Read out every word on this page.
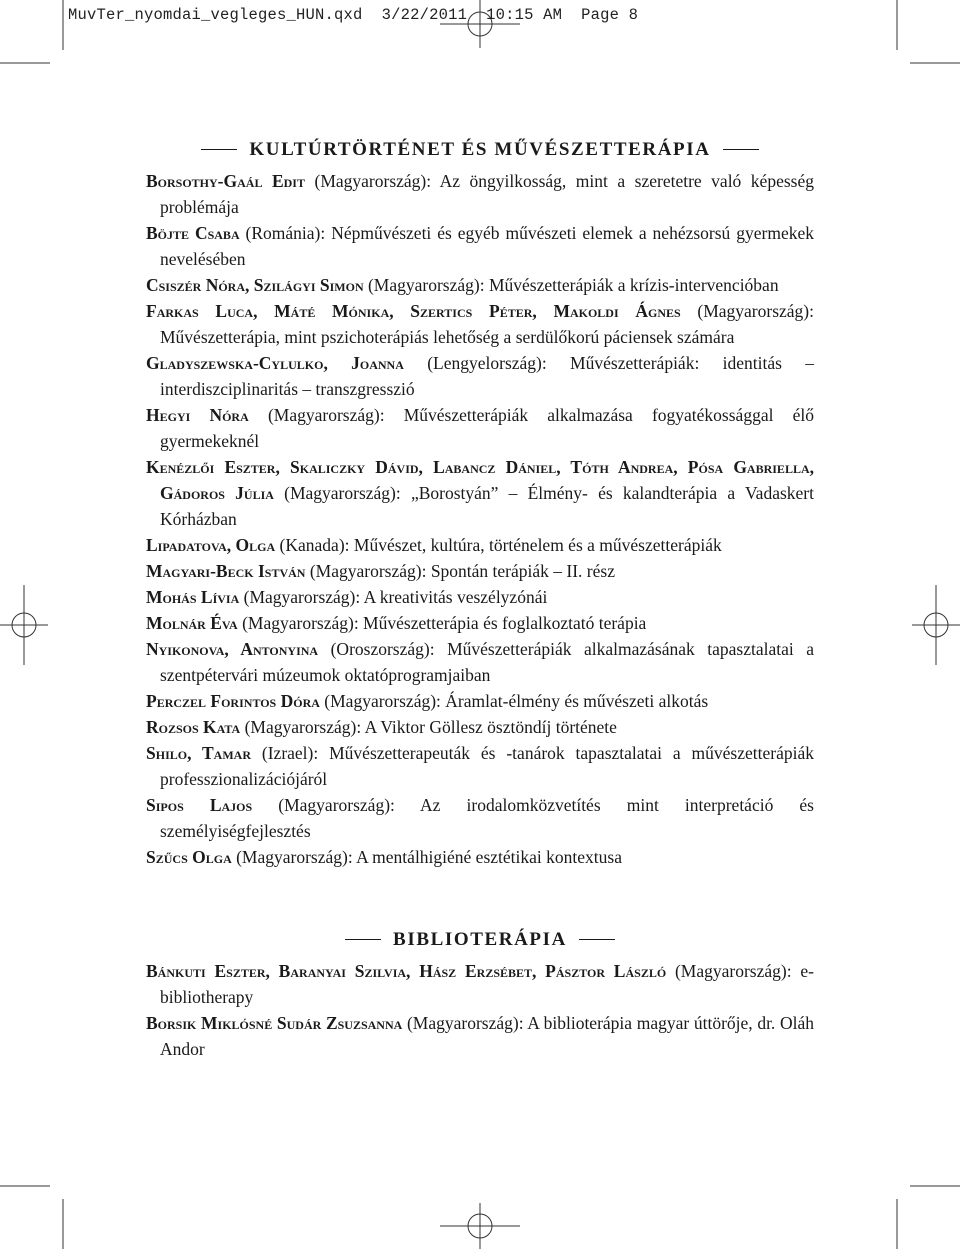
MuvTer_nyomdai_vegleges_HUN.qxd 3/22/2011 10:15 AM Page 8
KULTÚRTÖRTÉNET ÉS MŰVÉSZETTERÁPIA

Borsothy-Gaál Edit (Magyarország): Az öngyilkosság, mint a szeretetre való képesség problémája

Böjte Csaba (Románia): Népművészeti és egyéb művészeti elemek a nehézsorsú gyermekek nevelésében

Csiszér Nóra, Szilágyi Simon (Magyarország): Művészetterápiák a krízis-intervencióban

Farkas Luca, Máté Mónika, Szertics Péter, Makoldi Ágnes (Magyarország): Művészetterápia, mint pszichoterápiás lehetőség a serdülőkorú páciensek számára

Gladyszewska-Cylulko, Joanna (Lengyelország): Művészetterápiák: identitás – interdiszciplinaritás – transzgresszió

Hegyi Nóra (Magyarország): Művészetterápiák alkalmazása fogyatékossággal élő gyermekeknél

Kenézlői Eszter, Skaliczky Dávid, Labancz Dániel, Tóth Andrea, Pósa Gabriella, Gádoros Júlia (Magyarország): „Borostyán” – Élmény- és kalandterápia a Vadaskert Kórházban

Lipadatova, Olga (Kanada): Művészet, kultúra, történelem és a művészetterápiák

Magyari-Beck István (Magyarország): Spontán terápiák – II. rész

Mohás Lívia (Magyarország): A kreativitás veszélyzónái

Molnár Éva (Magyarország): Művészetterápia és foglalkoztató terápia

Nyikonova, Antonyina (Oroszország): Művészetterápiák alkalmazásának tapasztalatai a szentpétervári múzeumok oktatóprogramjaiban

Perczel Forintos Dóra (Magyarország): Áramlat-élmény és művészeti alkotás

Rozsos Kata (Magyarország): A Viktor Göllesz ösztöndíj története

Shilo, Tamar (Izrael): Művészetterapeuták és -tanárok tapasztalatai a művészetterápiák professzionalizációjáról

Sipos Lajos (Magyarország): Az irodalomközvetítés mint interpretáció és személyiségfejlesztés

Szűcs Olga (Magyarország): A mentálhigiéné esztétikai kontextusa

BIBLIOTERÁPIA

Bánkuti Eszter, Baranyai Szilvia, Hász Erzsébet, Pásztor László (Magyarország): e-bibliotherapy

Borsik Miklósné Sudár Zsuzsanna (Magyarország): A biblioterápia magyar úttörője, dr. Oláh Andor
